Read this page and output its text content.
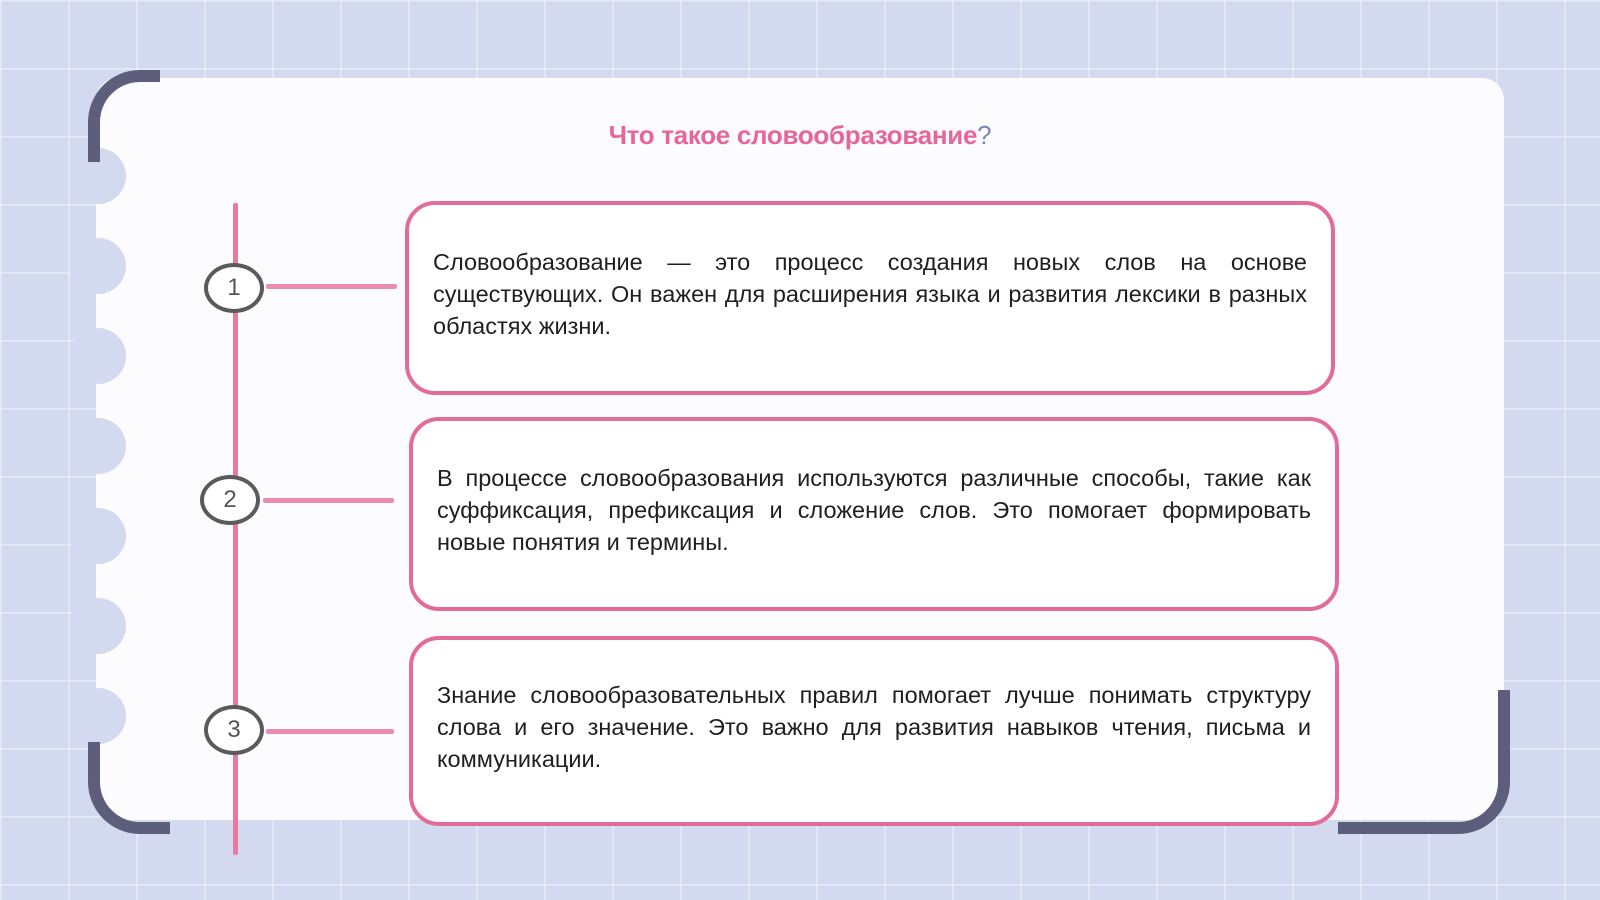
Что такое словообразование?
1
2
3
Словообразование — это процесс создания новых слов на основе существующих. Он важен для расширения языка и развития лексики в разных областях жизни.
В процессе словообразования используются различные способы, такие как суффиксация, префиксация и сложение слов. Это помогает формировать новые понятия и термины.
Знание словообразовательных правил помогает лучше понимать структуру слова и его значение. Это важно для развития навыков чтения, письма и коммуникации.
